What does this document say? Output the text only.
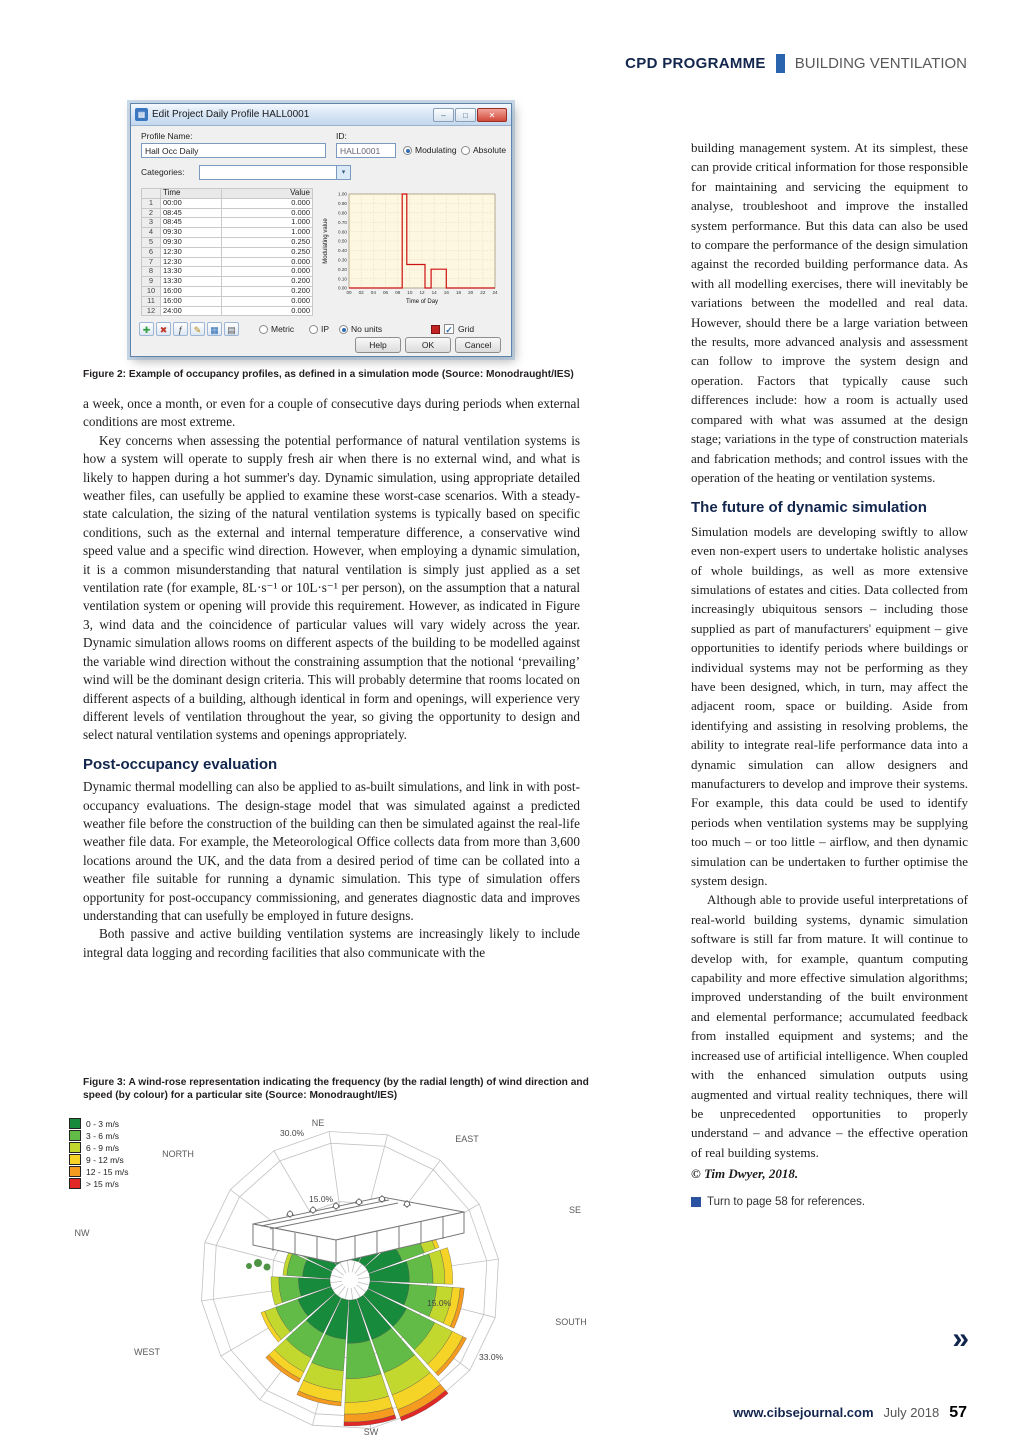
CPD PROGRAMME BUILDING VENTILATION
▦ Edit Project Daily Profile HALL0001	–	□	✕
Profile Name:
Hall Occ Daily	ID:
HALL0001
Modulating Absolute
Categories:	▾
	Time	Value
1	00:00	0.000
2	08:45	0.000
3	08:45	1.000
4	09:30	1.000
5	09:30	0.250
6	12:30	0.250
7	12:30	0.000
8	13:30	0.000
9	13:30	0.200
10	16:00	0.200
11	16:00	0.000
12	24:00	0.000
0.00
0.10
0.20
0.30
0.40
0.50
0.60
0.70
0.80
0.90
1.00
00 02 04 06 08 10 12 14 16 18 20 22 24
Time of Day
Modulating value
✚	✖	ƒ	✎ ▦ ▤	Metric	IP	No units	✓ Grid
Help	OK	Cancel

Figure 2: Example of occupancy profiles, as defined in a simulation mode (Source: Monodraught/IES)

a week, once a month, or even for a couple of consecutive days during periods when external conditions are most extreme.

Key concerns when assessing the potential performance of natural ventilation systems is how a system will operate to supply fresh air when there is no external wind, and what is likely to happen during a hot summer's day. Dynamic simulation, using appropriate detailed weather files, can usefully be applied to examine these worst-case scenarios. With a steady-state calculation, the sizing of the natural ventilation systems is typically based on specific conditions, such as the external and internal temperature difference, a conservative wind speed value and a specific wind direction. However, when employing a dynamic simulation, it is a common misunderstanding that natural ventilation is simply just applied as a set ventilation rate (for example, 8L·s⁻¹ or 10L·s⁻¹ per person), on the assumption that a natural ventilation system or opening will provide this requirement. However, as indicated in Figure 3, wind data and the coincidence of particular values will vary widely across the year. Dynamic simulation allows rooms on different aspects of the building to be modelled against the variable wind direction without the constraining assumption that the notional ‘prevailing’ wind will be the dominant design criteria. This will probably determine that rooms located on different aspects of a building, although identical in form and openings, will experience very different levels of ventilation throughout the year, so giving the opportunity to design and select natural ventilation systems and openings appropriately.

Post-occupancy evaluation

Dynamic thermal modelling can also be applied to as-built simulations, and link in with post-occupancy evaluations. The design-stage model that was simulated against a predicted weather file before the construction of the building can then be simulated against the real-life weather file data. For example, the Meteorological Office collects data from more than 3,600 locations around the UK, and the data from a desired period of time can be collated into a weather file suitable for running a dynamic simulation. This type of simulation offers opportunity for post-occupancy commissioning, and generates diagnostic data and improves understanding that can usefully be employed in future designs.

Both passive and active building ventilation systems are increasingly likely to include integral data logging and recording facilities that also communicate with the

Figure 3: A wind-rose representation indicating the frequency (by the radial length) of wind direction and speed (by colour) for a particular site (Source: Monodraught/IES)

0 - 3 m/s
3 - 6 m/s
6 - 9 m/s
9 - 12 m/s
12 - 15 m/s
> 15 m/s
NORTH
NE
EAST
SE
SOUTH
SW
WEST
NW
30.0%
15.0%
15.0%
33.0%

building management system. At its simplest, these can provide critical information for those responsible for maintaining and servicing the equipment to analyse, troubleshoot and improve the installed system performance. But this data can also be used to compare the performance of the design simulation against the recorded building performance data. As with all modelling exercises, there will inevitably be variations between the modelled and real data. However, should there be a large variation between the results, more advanced analysis and assessment can follow to improve the system design and operation. Factors that typically cause such differences include: how a room is actually used compared with what was assumed at the design stage; variations in the type of construction materials and fabrication methods; and control issues with the operation of the heating or ventilation systems.

The future of dynamic simulation

Simulation models are developing swiftly to allow even non-expert users to undertake holistic analyses of whole buildings, as well as more extensive simulations of estates and cities. Data collected from increasingly ubiquitous sensors – including those supplied as part of manufacturers' equipment – give opportunities to identify periods where buildings or individual systems may not be performing as they have been designed, which, in turn, may affect the adjacent room, space or building. Aside from identifying and assisting in resolving problems, the ability to integrate real-life performance data into a dynamic simulation can allow designers and manufacturers to develop and improve their systems. For example, this data could be used to identify periods when ventilation systems may be supplying too much – or too little – airflow, and then dynamic simulation can be undertaken to further optimise the system design.

Although able to provide useful interpretations of real-world building systems, dynamic simulation software is still far from mature. It will continue to develop with, for example, quantum computing capability and more effective simulation algorithms; improved understanding of the built environment and elemental performance; accumulated feedback from installed equipment and systems; and the increased use of artificial intelligence. When coupled with the enhanced simulation outputs using augmented and virtual reality techniques, there will be unprecedented opportunities to properly understand – and advance – the effective operation of real building systems.

© Tim Dwyer, 2018.

Turn to page 58 for references.
»
www.cibsejournal.com July 2018 57
